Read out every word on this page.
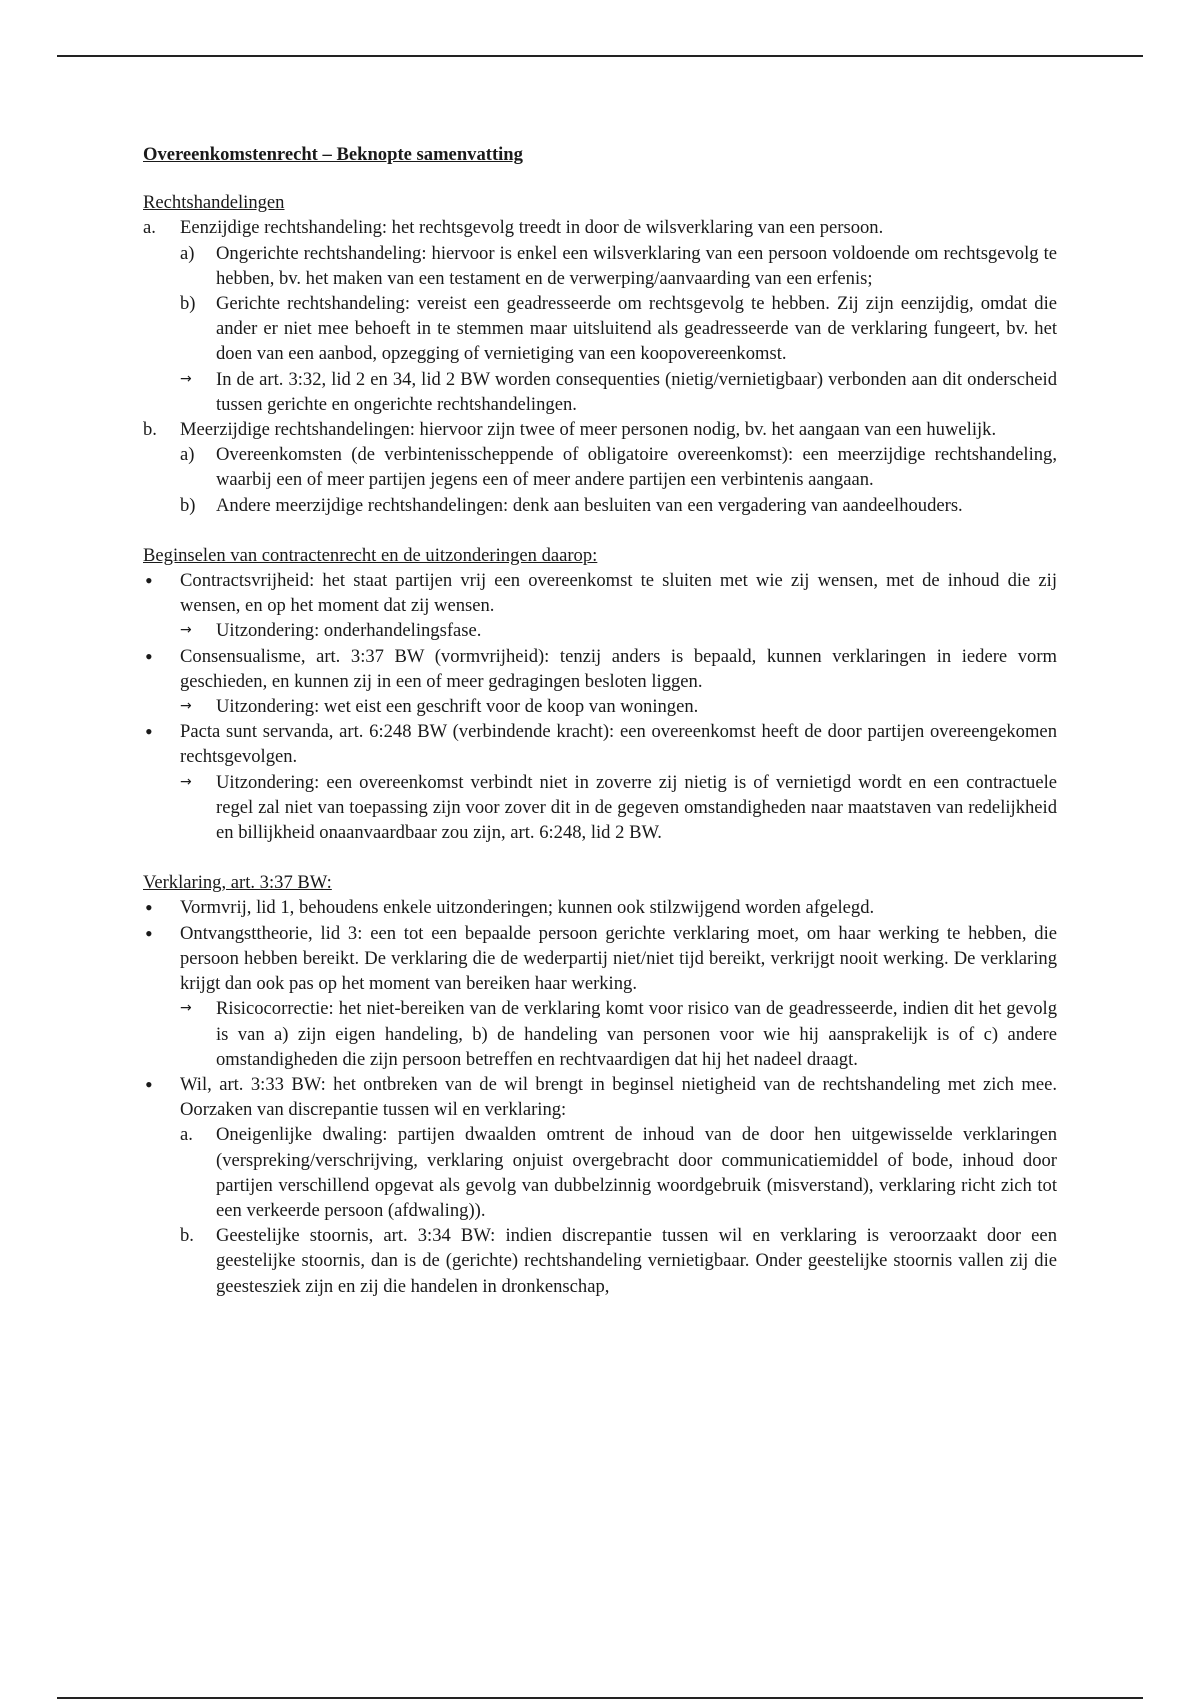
Overeenkomstenrecht – Beknopte samenvatting

Rechtshandelingen

a. Eenzijdige rechtshandeling: het rechtsgevolg treedt in door de wilsverklaring van een persoon.
a) Ongerichte rechtshandeling: hiervoor is enkel een wilsverklaring van een persoon voldoende om rechtsgevolg te hebben, bv. het maken van een testament en de verwerping/aanvaarding van een erfenis;
b) Gerichte rechtshandeling: vereist een geadresseerde om rechtsgevolg te hebben. Zij zijn eenzijdig, omdat die ander er niet mee behoeft in te stemmen maar uitsluitend als geadresseerde van de verklaring fungeert, bv. het doen van een aanbod, opzegging of vernietiging van een koopovereenkomst.
→ In de art. 3:32, lid 2 en 34, lid 2 BW worden consequenties (nietig/vernietigbaar) verbonden aan dit onderscheid tussen gerichte en ongerichte rechtshandelingen.
b. Meerzijdige rechtshandelingen: hiervoor zijn twee of meer personen nodig, bv. het aangaan van een huwelijk.
a) Overeenkomsten (de verbintenisscheppende of obligatoire overeenkomst): een meerzijdige rechtshandeling, waarbij een of meer partijen jegens een of meer andere partijen een verbintenis aangaan.
b) Andere meerzijdige rechtshandelingen: denk aan besluiten van een vergadering van aandeelhouders.

Beginselen van contractenrecht en de uitzonderingen daarop:

• Contractsvrijheid: het staat partijen vrij een overeenkomst te sluiten met wie zij wensen, met de inhoud die zij wensen, en op het moment dat zij wensen.
→ Uitzondering: onderhandelingsfase.
• Consensualisme, art. 3:37 BW (vormvrijheid): tenzij anders is bepaald, kunnen verklaringen in iedere vorm geschieden, en kunnen zij in een of meer gedragingen besloten liggen.
→ Uitzondering: wet eist een geschrift voor de koop van woningen.
• Pacta sunt servanda, art. 6:248 BW (verbindende kracht): een overeenkomst heeft de door partijen overeengekomen rechtsgevolgen.
→ Uitzondering: een overeenkomst verbindt niet in zoverre zij nietig is of vernietigd wordt en een contractuele regel zal niet van toepassing zijn voor zover dit in de gegeven omstandigheden naar maatstaven van redelijkheid en billijkheid onaanvaardbaar zou zijn, art. 6:248, lid 2 BW.

Verklaring, art. 3:37 BW:

• Vormvrij, lid 1, behoudens enkele uitzonderingen; kunnen ook stilzwijgend worden afgelegd.
• Ontvangsttheorie, lid 3: een tot een bepaalde persoon gerichte verklaring moet, om haar werking te hebben, die persoon hebben bereikt. De verklaring die de wederpartij niet/niet tijd bereikt, verkrijgt nooit werking. De verklaring krijgt dan ook pas op het moment van bereiken haar werking.
→ Risicocorrectie: het niet-bereiken van de verklaring komt voor risico van de geadresseerde, indien dit het gevolg is van a) zijn eigen handeling, b) de handeling van personen voor wie hij aansprakelijk is of c) andere omstandigheden die zijn persoon betreffen en rechtvaardigen dat hij het nadeel draagt.
• Wil, art. 3:33 BW: het ontbreken van de wil brengt in beginsel nietigheid van de rechtshandeling met zich mee. Oorzaken van discrepantie tussen wil en verklaring:
a. Oneigenlijke dwaling: partijen dwaalden omtrent de inhoud van de door hen uitgewisselde verklaringen (verspreking/verschrijving, verklaring onjuist overgebracht door communicatiemiddel of bode, inhoud door partijen verschillend opgevat als gevolg van dubbelzinnig woordgebruik (misverstand), verklaring richt zich tot een verkeerde persoon (afdwaling)).
b. Geestelijke stoornis, art. 3:34 BW: indien discrepantie tussen wil en verklaring is veroorzaakt door een geestelijke stoornis, dan is de (gerichte) rechtshandeling vernietigbaar. Onder geestelijke stoornis vallen zij die geestesziek zijn en zij die handelen in dronkenschap,
